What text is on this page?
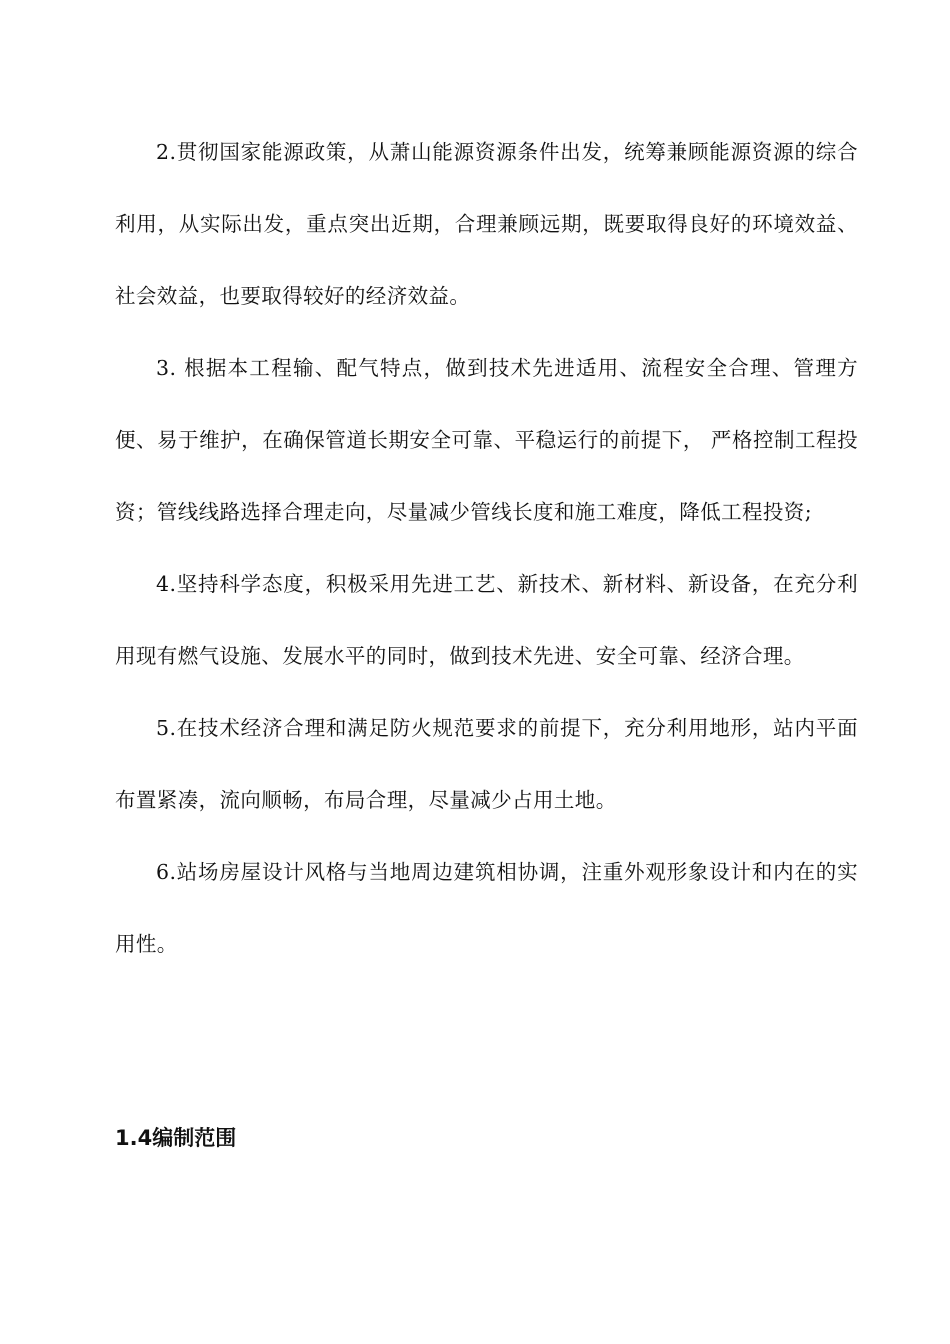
2.贯彻国家能源政策，从萧山能源资源条件出发，统筹兼顾能源资源的综合利用，从实际出发，重点突出近期，合理兼顾远期，既要取得良好的环境效益、社会效益，也要取得较好的经济效益。

3. 根据本工程输、配气特点，做到技术先进适用、流程安全合理、管理方便、易于维护，在确保管道长期安全可靠、平稳运行的前提下， 严格控制工程投资；管线线路选择合理走向，尽量减少管线长度和施工难度，降低工程投资;

4.坚持科学态度，积极采用先进工艺、新技术、新材料、新设备，在充分利用现有燃气设施、发展水平的同时，做到技术先进、安全可靠、经济合理。

5.在技术经济合理和满足防火规范要求的前提下，充分利用地形，站内平面布置紧凑，流向顺畅，布局合理，尽量减少占用土地。

6.站场房屋设计风格与当地周边建筑相协调，注重外观形象设计和内在的实用性。

1.4编制范围
